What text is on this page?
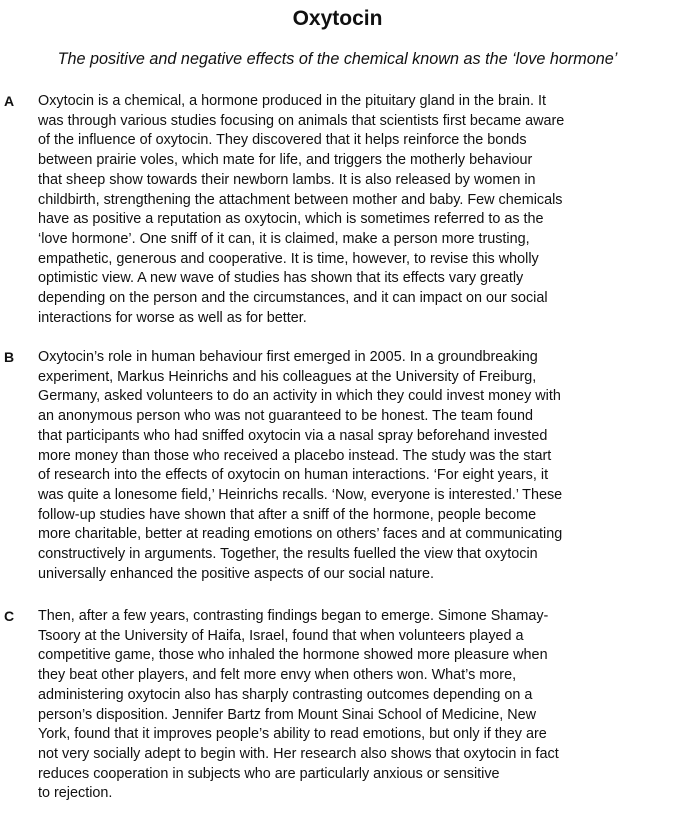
Oxytocin
The positive and negative effects of the chemical known as the ‘love hormone’
A Oxytocin is a chemical, a hormone produced in the pituitary gland in the brain. It
was through various studies focusing on animals that scientists first became aware
of the influence of oxytocin. They discovered that it helps reinforce the bonds
between prairie voles, which mate for life, and triggers the motherly behaviour
that sheep show towards their newborn lambs. It is also released by women in
childbirth, strengthening the attachment between mother and baby. Few chemicals
have as positive a reputation as oxytocin, which is sometimes referred to as the
‘love hormone’. One sniff of it can, it is claimed, make a person more trusting,
empathetic, generous and cooperative. It is time, however, to revise this wholly
optimistic view. A new wave of studies has shown that its effects vary greatly
depending on the person and the circumstances, and it can impact on our social
interactions for worse as well as for better.
B Oxytocin’s role in human behaviour first emerged in 2005. In a groundbreaking
experiment, Markus Heinrichs and his colleagues at the University of Freiburg,
Germany, asked volunteers to do an activity in which they could invest money with
an anonymous person who was not guaranteed to be honest. The team found
that participants who had sniffed oxytocin via a nasal spray beforehand invested
more money than those who received a placebo instead. The study was the start
of research into the effects of oxytocin on human interactions. ‘For eight years, it
was quite a lonesome field,’ Heinrichs recalls. ‘Now, everyone is interested.’ These
follow-up studies have shown that after a sniff of the hormone, people become
more charitable, better at reading emotions on others’ faces and at communicating
constructively in arguments. Together, the results fuelled the view that oxytocin
universally enhanced the positive aspects of our social nature.
C Then, after a few years, contrasting findings began to emerge. Simone Shamay-
Tsoory at the University of Haifa, Israel, found that when volunteers played a
competitive game, those who inhaled the hormone showed more pleasure when
they beat other players, and felt more envy when others won. What’s more,
administering oxytocin also has sharply contrasting outcomes depending on a
person’s disposition. Jennifer Bartz from Mount Sinai School of Medicine, New
York, found that it improves people’s ability to read emotions, but only if they are
not very socially adept to begin with. Her research also shows that oxytocin in fact
reduces cooperation in subjects who are particularly anxious or sensitive
to rejection.
